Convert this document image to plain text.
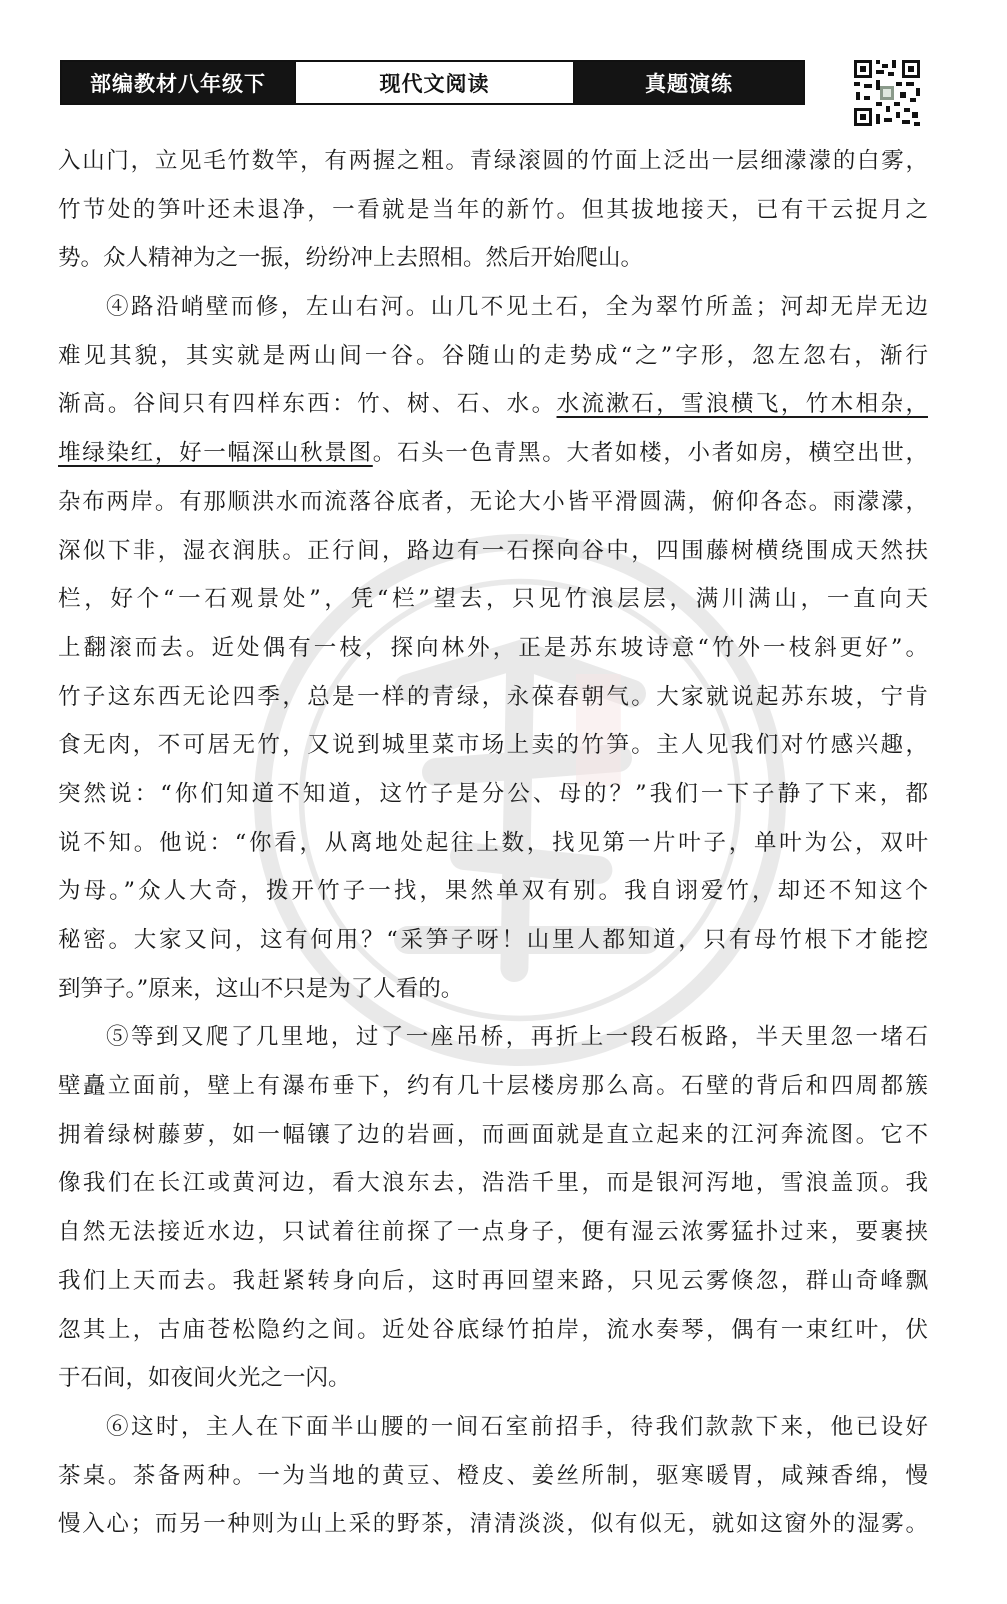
部编教材八年级下	现代文阅读	真题演练
入山门，立见毛竹数竿，有两握之粗。青绿滚圆的竹面上泛出一层细濛濛的白雾，
竹节处的笋叶还未退净，一看就是当年的新竹。但其拔地接天，已有干云捉月之
势。众人精神为之一振，纷纷冲上去照相。然后开始爬山。
④路沿峭壁而修，左山右河。山几不见土石，全为翠竹所盖；河却无岸无边
难见其貌，其实就是两山间一谷。谷随山的走势成“之”字形，忽左忽右，渐行
渐高。谷间只有四样东西：竹、树、石、水。水流漱石，雪浪横飞，竹木相杂，
堆绿染红，好一幅深山秋景图。石头一色青黑。大者如楼，小者如房，横空出世，
杂布两岸。有那顺洪水而流落谷底者，无论大小皆平滑圆满，俯仰各态。雨濛濛，
深似下非，湿衣润肤。正行间，路边有一石探向谷中，四围藤树横绕围成天然扶
栏，好个“一石观景处”，凭“栏”望去，只见竹浪层层，满川满山，一直向天
上翻滚而去。近处偶有一枝，探向林外，正是苏东坡诗意“竹外一枝斜更好”。
竹子这东西无论四季，总是一样的青绿，永葆春朝气。大家就说起苏东坡，宁肯
食无肉，不可居无竹，又说到城里菜市场上卖的竹笋。主人见我们对竹感兴趣，
突然说：“你们知道不知道，这竹子是分公、母的？”我们一下子静了下来，都
说不知。他说：“你看，从离地处起往上数，找见第一片叶子，单叶为公，双叶
为母。”众人大奇，拨开竹子一找，果然单双有别。我自诩爱竹，却还不知这个
秘密。大家又问，这有何用？“采笋子呀！山里人都知道，只有母竹根下才能挖
到笋子。”原来，这山不只是为了人看的。
⑤等到又爬了几里地，过了一座吊桥，再折上一段石板路，半天里忽一堵石
壁矗立面前，壁上有瀑布垂下，约有几十层楼房那么高。石壁的背后和四周都簇
拥着绿树藤萝，如一幅镶了边的岩画，而画面就是直立起来的江河奔流图。它不
像我们在长江或黄河边，看大浪东去，浩浩千里，而是银河泻地，雪浪盖顶。我
自然无法接近水边，只试着往前探了一点身子，便有湿云浓雾猛扑过来，要裹挟
我们上天而去。我赶紧转身向后，这时再回望来路，只见云雾倏忽，群山奇峰飘
忽其上，古庙苍松隐约之间。近处谷底绿竹拍岸，流水奏琴，偶有一束红叶，伏
于石间，如夜间火光之一闪。
⑥这时，主人在下面半山腰的一间石室前招手，待我们款款下来，他已设好
茶桌。茶备两种。一为当地的黄豆、橙皮、姜丝所制，驱寒暖胃，咸辣香绵，慢
慢入心；而另一种则为山上采的野茶，清清淡淡，似有似无，就如这窗外的湿雾。
